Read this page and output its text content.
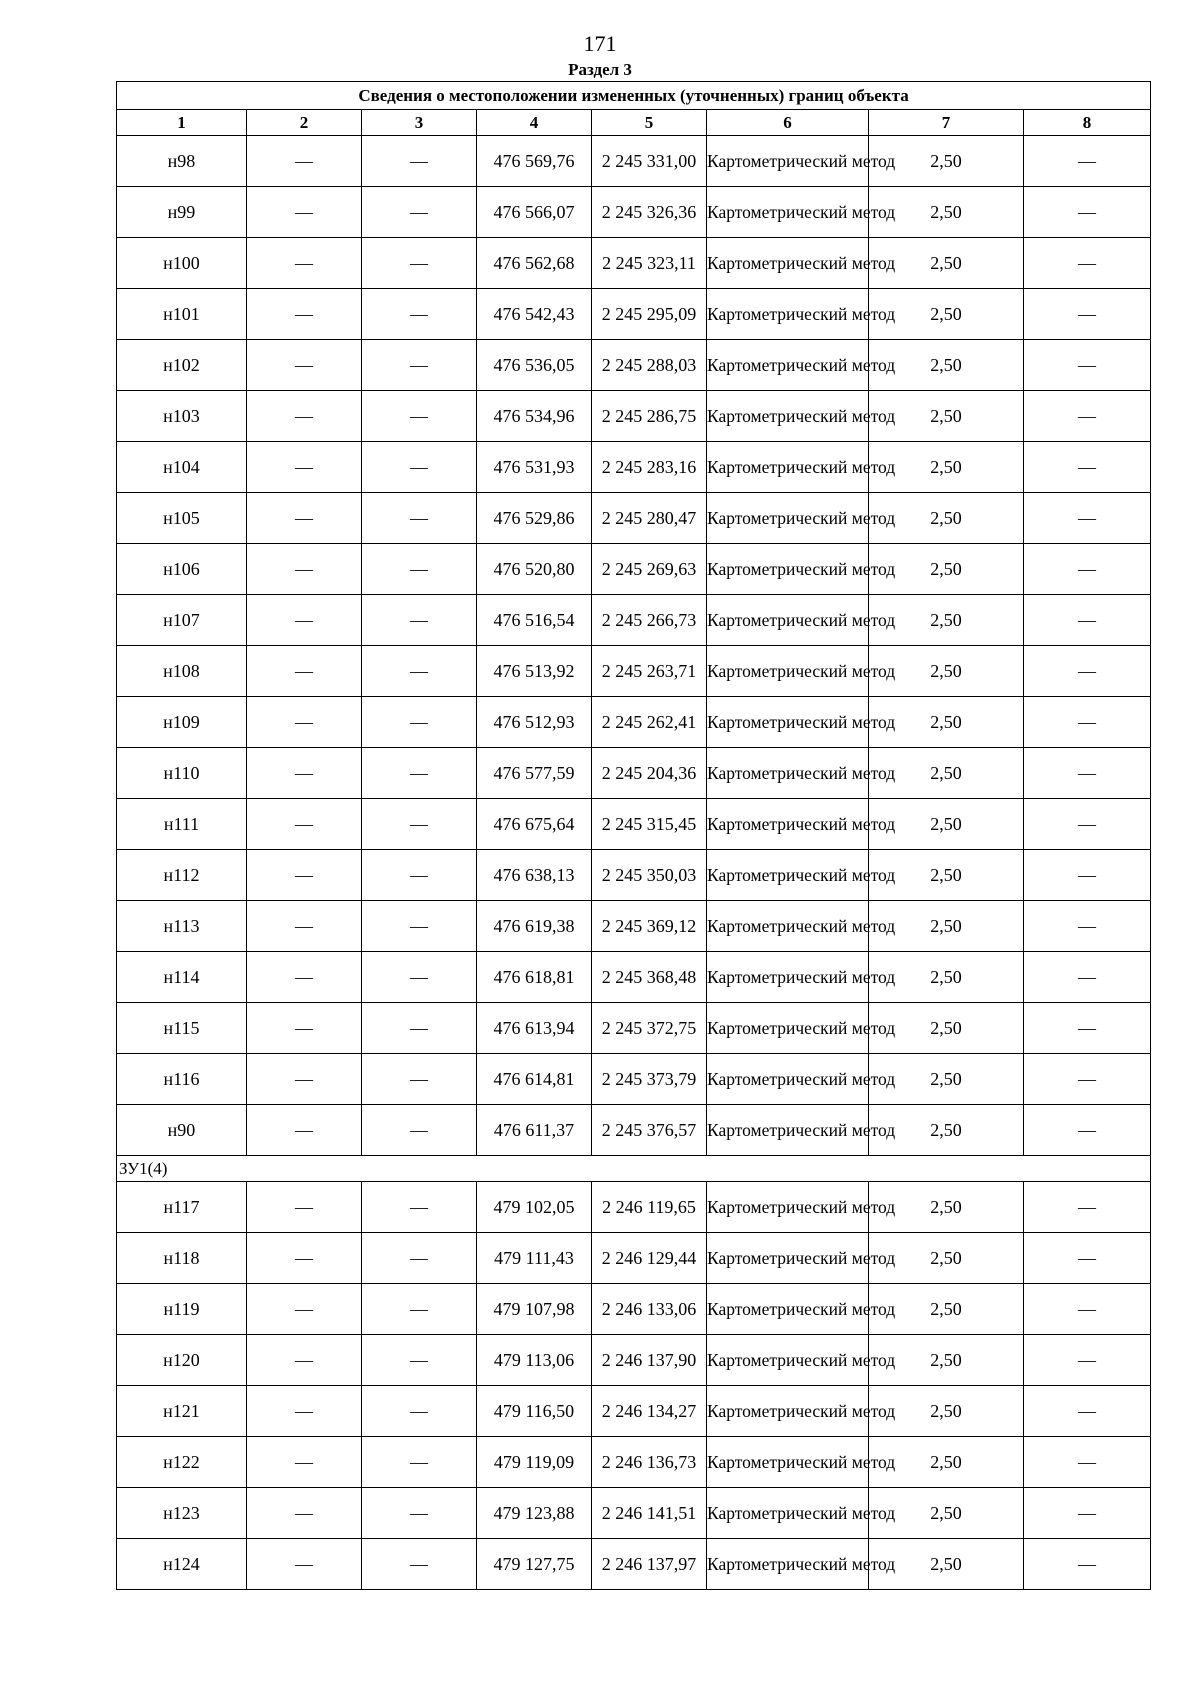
171
Раздел 3
Сведения о местоположении измененных (уточненных) границ объекта							
1	2	3	4	5	6	7	8
н98	—	—	476 569,76	2 245 331,00	Картометрический метод	2,50	—
н99	—	—	476 566,07	2 245 326,36	Картометрический метод	2,50	—
н100	—	—	476 562,68	2 245 323,11	Картометрический метод	2,50	—
н101	—	—	476 542,43	2 245 295,09	Картометрический метод	2,50	—
н102	—	—	476 536,05	2 245 288,03	Картометрический метод	2,50	—
н103	—	—	476 534,96	2 245 286,75	Картометрический метод	2,50	—
н104	—	—	476 531,93	2 245 283,16	Картометрический метод	2,50	—
н105	—	—	476 529,86	2 245 280,47	Картометрический метод	2,50	—
н106	—	—	476 520,80	2 245 269,63	Картометрический метод	2,50	—
н107	—	—	476 516,54	2 245 266,73	Картометрический метод	2,50	—
н108	—	—	476 513,92	2 245 263,71	Картометрический метод	2,50	—
н109	—	—	476 512,93	2 245 262,41	Картометрический метод	2,50	—
н110	—	—	476 577,59	2 245 204,36	Картометрический метод	2,50	—
н111	—	—	476 675,64	2 245 315,45	Картометрический метод	2,50	—
н112	—	—	476 638,13	2 245 350,03	Картометрический метод	2,50	—
н113	—	—	476 619,38	2 245 369,12	Картометрический метод	2,50	—
н114	—	—	476 618,81	2 245 368,48	Картометрический метод	2,50	—
н115	—	—	476 613,94	2 245 372,75	Картометрический метод	2,50	—
н116	—	—	476 614,81	2 245 373,79	Картометрический метод	2,50	—
н90	—	—	476 611,37	2 245 376,57	Картометрический метод	2,50	—
ЗУ1(4)							
н117	—	—	479 102,05	2 246 119,65	Картометрический метод	2,50	—
н118	—	—	479 111,43	2 246 129,44	Картометрический метод	2,50	—
н119	—	—	479 107,98	2 246 133,06	Картометрический метод	2,50	—
н120	—	—	479 113,06	2 246 137,90	Картометрический метод	2,50	—
н121	—	—	479 116,50	2 246 134,27	Картометрический метод	2,50	—
н122	—	—	479 119,09	2 246 136,73	Картометрический метод	2,50	—
н123	—	—	479 123,88	2 246 141,51	Картометрический метод	2,50	—
н124	—	—	479 127,75	2 246 137,97	Картометрический метод	2,50	—
